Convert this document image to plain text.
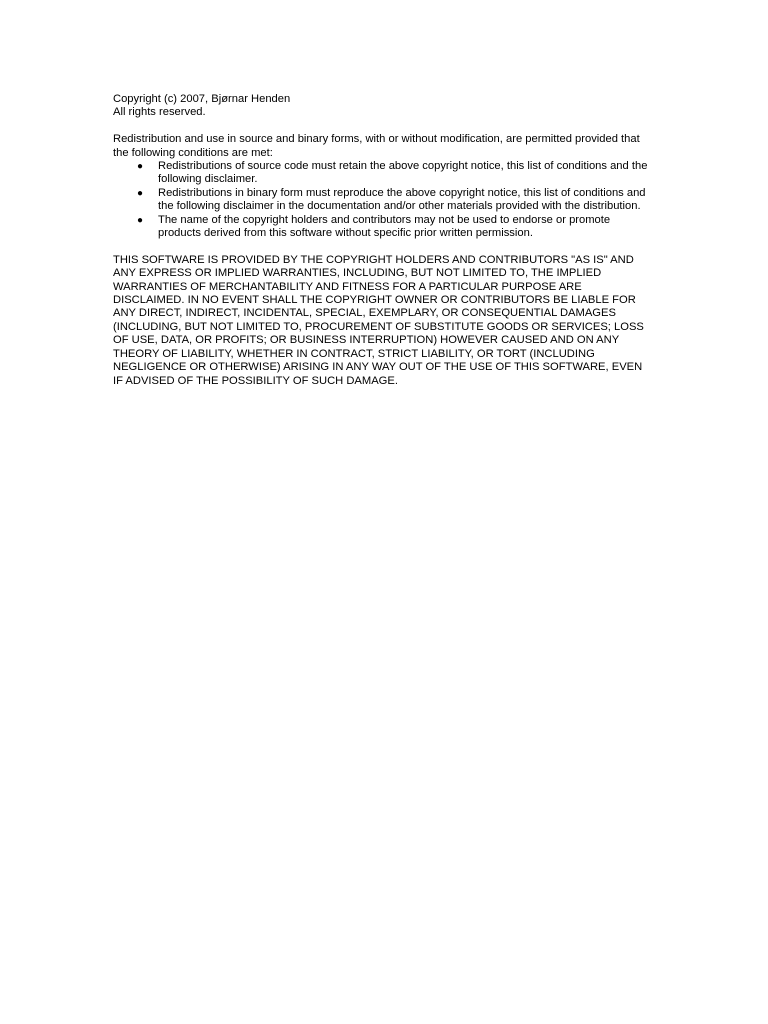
Copyright (c) 2007, Bjørnar Henden
All rights reserved.
Redistribution and use in source and binary forms, with or without modification, are permitted provided that
the following conditions are met:
● Redistributions of source code must retain the above copyright notice, this list of conditions and the
following disclaimer.
● Redistributions in binary form must reproduce the above copyright notice, this list of conditions and
the following disclaimer in the documentation and/or other materials provided with the distribution.
● The name of the copyright holders and contributors may not be used to endorse or promote
products derived from this software without specific prior written permission.
THIS SOFTWARE IS PROVIDED BY THE COPYRIGHT HOLDERS AND CONTRIBUTORS "AS IS" AND
ANY EXPRESS OR IMPLIED WARRANTIES, INCLUDING, BUT NOT LIMITED TO, THE IMPLIED
WARRANTIES OF MERCHANTABILITY AND FITNESS FOR A PARTICULAR PURPOSE ARE
DISCLAIMED. IN NO EVENT SHALL THE COPYRIGHT OWNER OR CONTRIBUTORS BE LIABLE FOR
ANY DIRECT, INDIRECT, INCIDENTAL, SPECIAL, EXEMPLARY, OR CONSEQUENTIAL DAMAGES
(INCLUDING, BUT NOT LIMITED TO, PROCUREMENT OF SUBSTITUTE GOODS OR SERVICES; LOSS
OF USE, DATA, OR PROFITS; OR BUSINESS INTERRUPTION) HOWEVER CAUSED AND ON ANY
THEORY OF LIABILITY, WHETHER IN CONTRACT, STRICT LIABILITY, OR TORT (INCLUDING
NEGLIGENCE OR OTHERWISE) ARISING IN ANY WAY OUT OF THE USE OF THIS SOFTWARE, EVEN
IF ADVISED OF THE POSSIBILITY OF SUCH DAMAGE.
